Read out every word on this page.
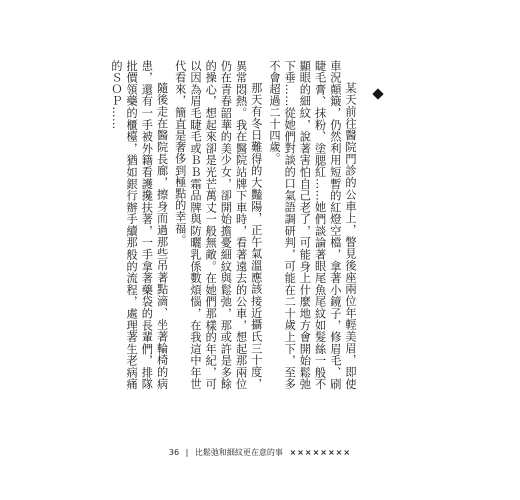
某天前往醫院門診的公車上，瞥見後座兩位年輕美眉，即使車況顛簸，仍然利用短暫的紅燈空檔，拿著小鏡子，修眉毛、刷睫毛膏、抹粉、塗腮紅……她們談論著眼尾魚尾紋如髮絲一般不顯眼的細紋，說著害怕自己老了，可能身上什麼地方會開始鬆弛下垂……從她們對談的口氣語調研判，可能在二十歲上下，至多不會超過二十四歲。

那天有冬日難得的大豔陽，正午氣溫應該接近攝氏三十度，異常悶熱。我在醫院站牌下車時，看著遠去的公車，想起那兩位仍在青春韶華的美少女，卻開始擔憂細紋與鬆弛，那或許是多餘的操心，想起來卻是光芒萬丈一般無敵。在她們那樣的年紀，可以因為眉毛睫毛或ＢＢ霜品牌與防曬乳係數煩惱，在我這中年世代看來，簡直是奢侈到極點的幸福。

隨後走在醫院長廊，擦身而過那些吊著點滴、坐著輪椅的病患，還有一手被外籍看護攙扶著，一手拿著藥袋的長輩們，排隊批價領藥的櫃檯，猶如銀行辦手續那般的流程，處理著生老病痛的ＳＯＰ……

36 | 比鬆弛和細紋更在意的事 ××××××××
